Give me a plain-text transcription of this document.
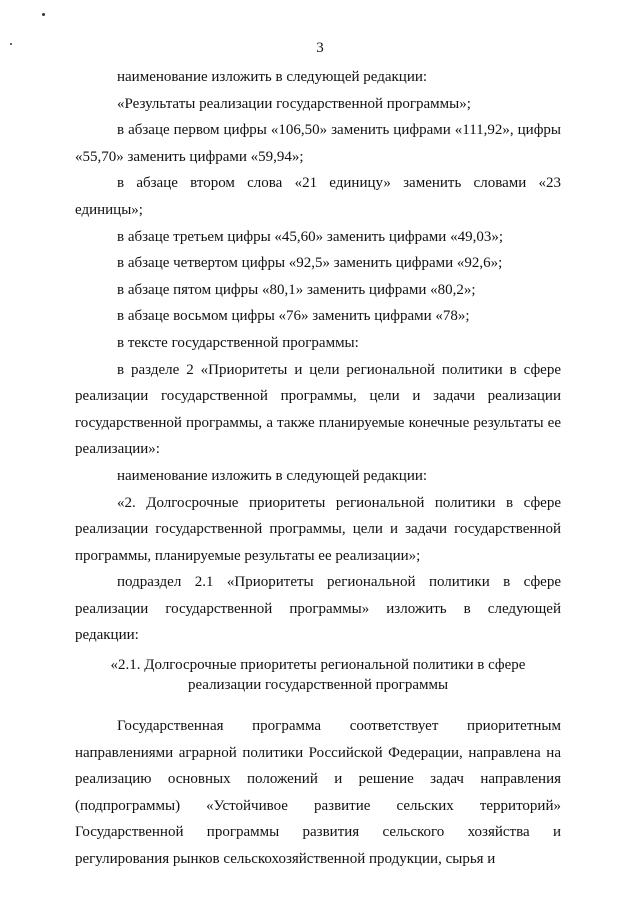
3

наименование изложить в следующей редакции:

«Результаты реализации государственной программы»;

в абзаце первом цифры «106,50» заменить цифрами «111,92», цифры «55,70» заменить цифрами «59,94»;

в абзаце втором слова «21 единицу» заменить словами «23 единицы»;

в абзаце третьем цифры «45,60» заменить цифрами «49,03»;

в абзаце четвертом цифры «92,5» заменить цифрами «92,6»;

в абзаце пятом цифры «80,1» заменить цифрами «80,2»;

в абзаце восьмом цифры «76» заменить цифрами «78»;

в тексте государственной программы:

в разделе 2 «Приоритеты и цели региональной политики в сфере реализации государственной программы, цели и задачи реализации государственной программы, а также планируемые конечные результаты ее реализации»:

наименование изложить в следующей редакции:

«2. Долгосрочные приоритеты региональной политики в сфере реализации государственной программы, цели и задачи государственной программы, планируемые результаты ее реализации»;

подраздел 2.1 «Приоритеты региональной политики в сфере реализации государственной программы» изложить в следующей редакции:

«2.1. Долгосрочные приоритеты региональной политики в сфере
реализации государственной программы

Государственная программа соответствует приоритетным направлениями аграрной политики Российской Федерации, направлена на реализацию основных положений и решение задач направления (подпрограммы) «Устойчивое развитие сельских территорий» Государственной программы развития сельского хозяйства и регулирования рынков сельскохозяйственной продукции, сырья и
